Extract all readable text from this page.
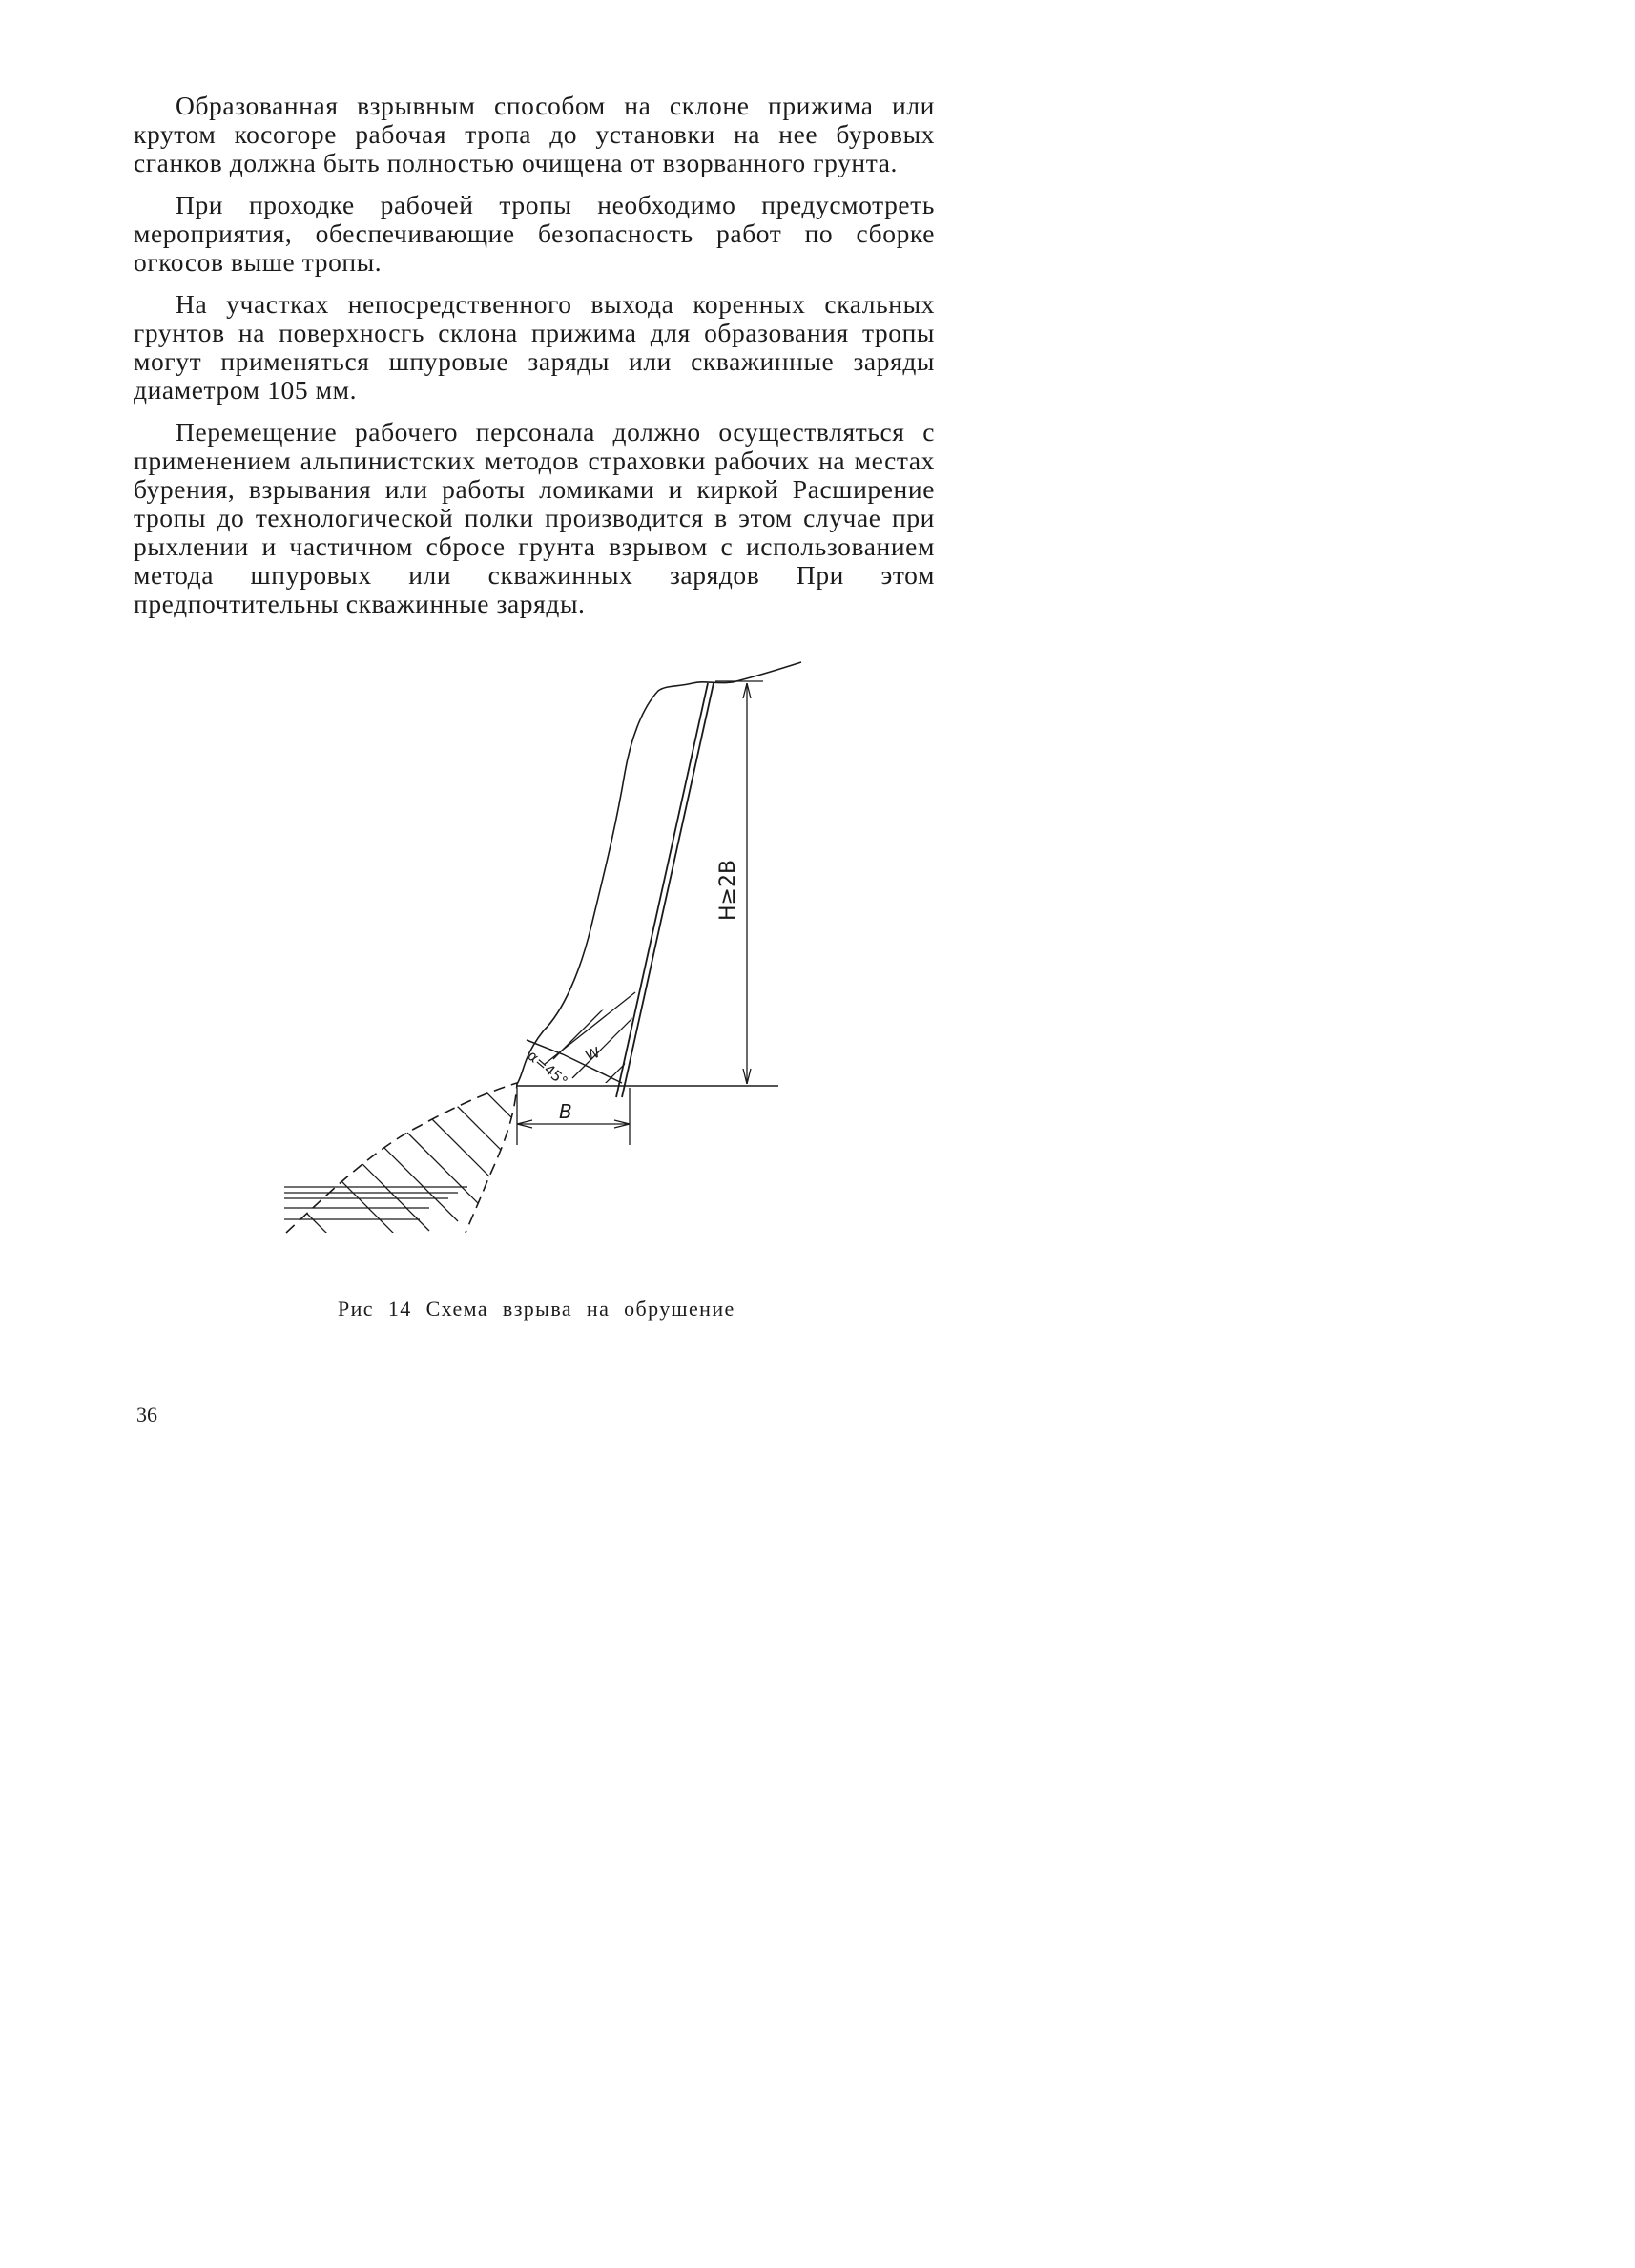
Образованная взрывным способом на склоне прижима или крутом косогоре рабочая тропа до установки на нее буровых сганков должна быть полностью очищена от взорванного грунта.

При проходке рабочей тропы необходимо предусмотреть мероприятия, обеспечивающие безопасность работ по сборке огкосов выше тропы.

На участках непосредственного выхода коренных скальных грунтов на поверхносгь склона прижима для образования тропы могут применяться шпуровые заряды или скважинные заряды диаметром 105 мм.

Перемещение рабочего персонала должно осуществляться с применением альпинистских методов страховки рабочих на местах бурения, взрывания или работы ломиками и киркой Расширение тропы до технологической полки производится в этом случае при рыхлении и частичном сбросе грунта взрывом с использованием метода шпуровых или скважинных зарядов При этом предпочтительны скважинные заряды.

H≥2B
B
W
α=45°
Рис 14 Схема взрыва на обрушение
36
